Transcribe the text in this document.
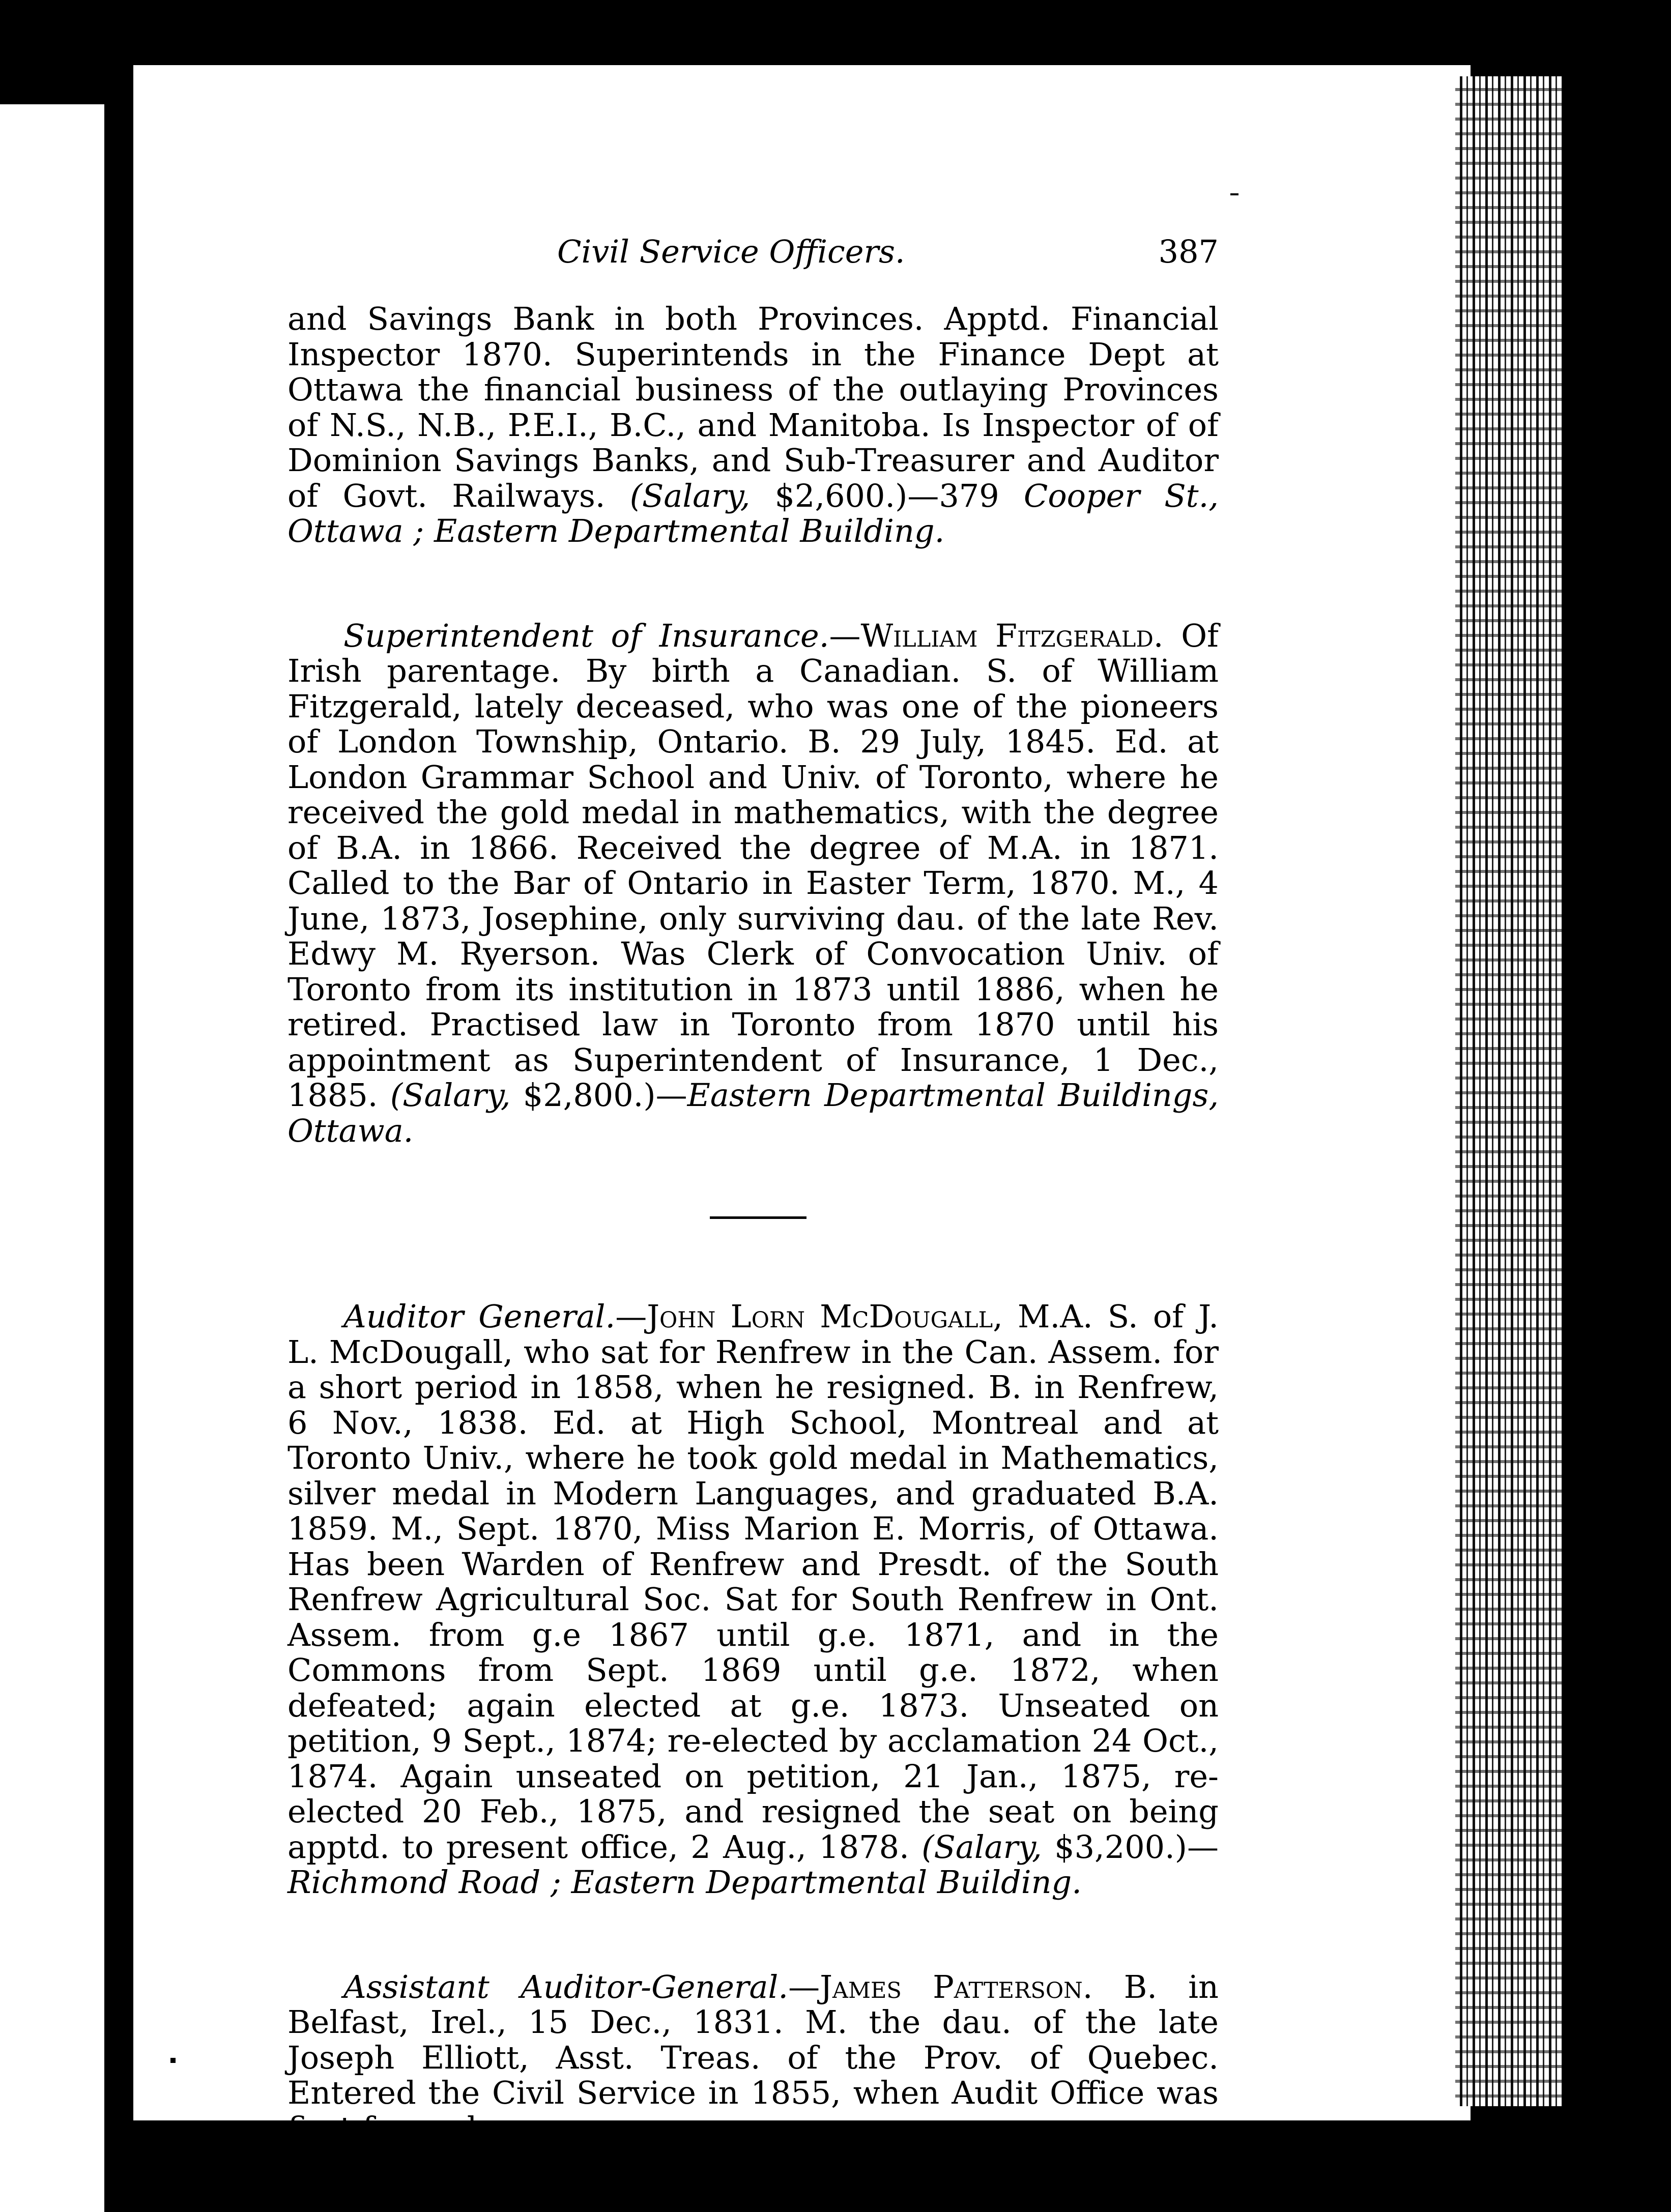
Civil Service Officers.	387

and Savings Bank in both Provinces. Apptd. Financial Inspector 1870. Superintends in the Finance Dept at Ottawa the financial business of the outlaying Provinces of N.S., N.B., P.E.I., B.C., and Manitoba. Is Inspector of of Dominion Savings Banks, and Sub-Treasurer and Auditor of Govt. Railways. (Salary, $2,600.)—379 Cooper St., Ottawa ; Eastern Departmental Building.

Superintendent of Insurance.—William Fitzgerald. Of Irish parentage. By birth a Canadian. S. of William Fitzgerald, lately deceased, who was one of the pioneers of London Township, Ontario. B. 29 July, 1845. Ed. at London Grammar School and Univ. of Toronto, where he received the gold medal in mathematics, with the degree of B.A. in 1866. Received the degree of M.A. in 1871. Called to the Bar of Ontario in Easter Term, 1870. M., 4 June, 1873, Josephine, only surviving dau. of the late Rev. Edwy M. Ryerson. Was Clerk of Convocation Univ. of Toronto from its institution in 1873 until 1886, when he retired. Practised law in Toronto from 1870 until his appointment as Superintendent of Insurance, 1 Dec., 1885. (Salary, $2,800.)—Eastern Departmental Buildings, Ottawa.

Auditor General.—John Lorn McDougall, M.A. S. of J. L. McDougall, who sat for Renfrew in the Can. Assem. for a short period in 1858, when he resigned. B. in Renfrew, 6 Nov., 1838. Ed. at High School, Montreal and at Toronto Univ., where he took gold medal in Mathematics, silver medal in Modern Languages, and graduated B.A. 1859. M., Sept. 1870, Miss Marion E. Morris, of Ottawa. Has been Warden of Renfrew and Presdt. of the South Renfrew Agricultural Soc. Sat for South Renfrew in Ont. Assem. from g.e 1867 until g.e. 1871, and in the Commons from Sept. 1869 until g.e. 1872, when defeated; again elected at g.e. 1873. Unseated on petition, 9 Sept., 1874; re-elected by acclamation 24 Oct., 1874. Again unseated on petition, 21 Jan., 1875, re-elected 20 Feb., 1875, and resigned the seat on being apptd. to present office, 2 Aug., 1878. (Salary, $3,200.)—Richmond Road ; Eastern Departmental Building.

Assistant Auditor-General.—James Patterson. B. in Belfast, Irel., 15 Dec., 1831. M. the dau. of the late Joseph Elliott, Asst. Treas. of the Prov. of Quebec. Entered the Civil Service in 1855, when Audit Office was first formed.
